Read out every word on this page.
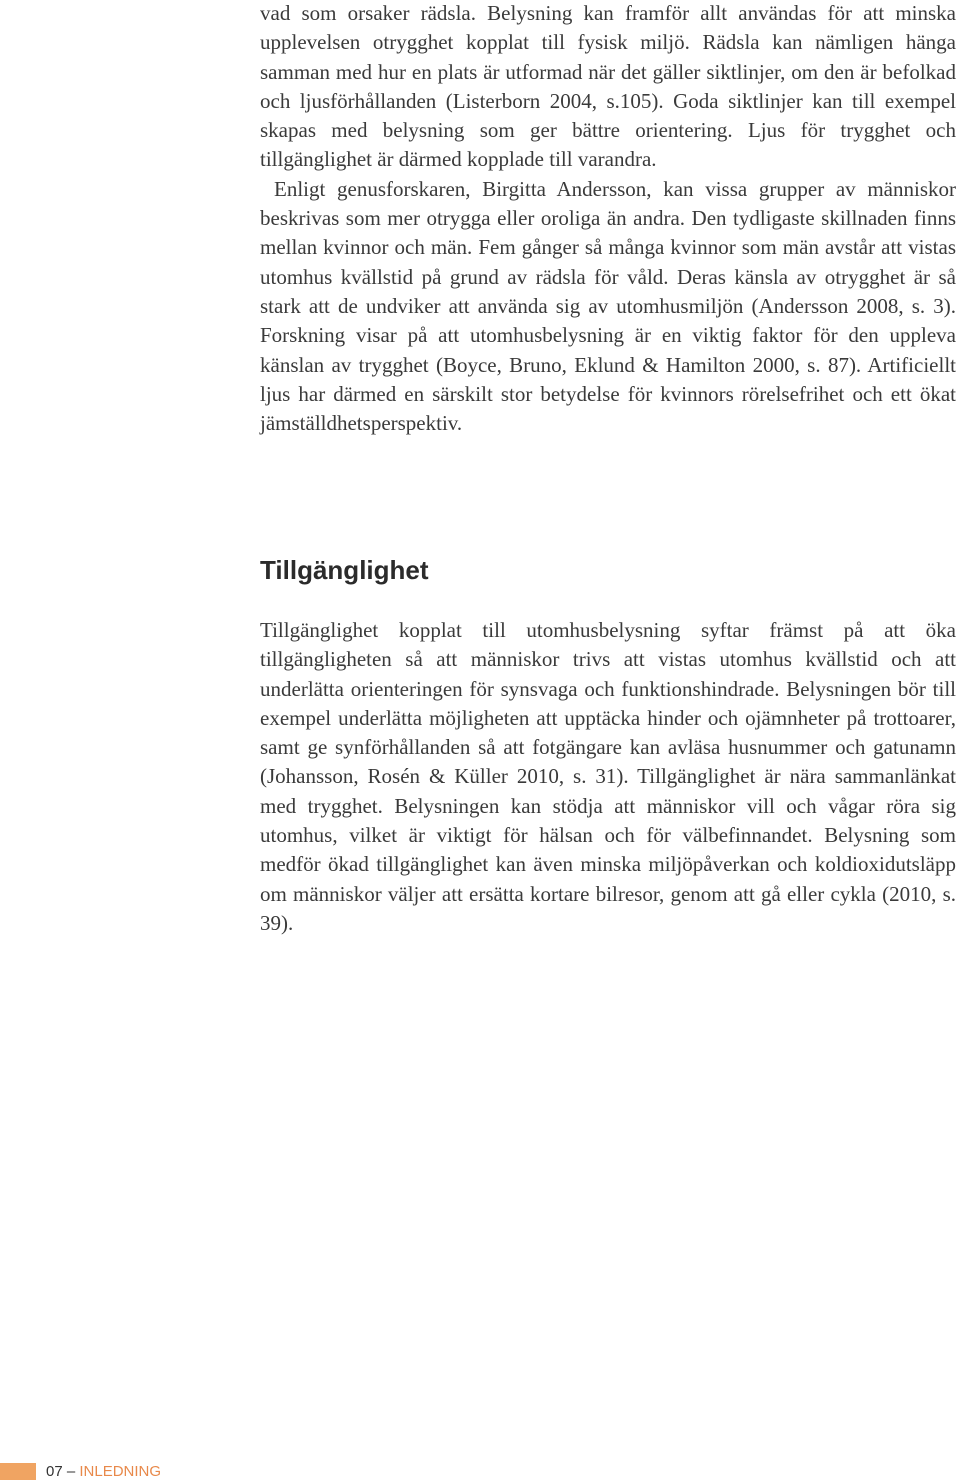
vad som orsaker rädsla. Belysning kan framför allt användas för att minska upplevelsen otrygghet kopplat till fysisk miljö. Rädsla kan nämligen hänga samman med hur en plats är utformad när det gäller siktlinjer, om den är befolkad och ljusförhållanden (Listerborn 2004, s.105). Goda siktlinjer kan till exempel skapas med belysning som ger bättre orientering. Ljus för trygghet och tillgänglighet är därmed kopplade till varandra.

Enligt genusforskaren, Birgitta Andersson, kan vissa grupper av människor beskrivas som mer otrygga eller oroliga än andra. Den tydligaste skillnaden finns mellan kvinnor och män. Fem gånger så många kvinnor som män avstår att vistas utomhus kvällstid på grund av rädsla för våld. Deras känsla av otrygghet är så stark att de undviker att använda sig av utomhusmiljön (Andersson 2008, s. 3). Forskning visar på att utomhusbelysning är en viktig faktor för den uppleva känslan av trygghet (Boyce, Bruno, Eklund & Hamilton 2000, s. 87). Artificiellt ljus har därmed en särskilt stor betydelse för kvinnors rörelsefrihet och ett ökat jämställdhetsperspektiv.

Tillgänglighet

Tillgänglighet kopplat till utomhusbelysning syftar främst på att öka tillgängligheten så att människor trivs att vistas utomhus kvällstid och att underlätta orienteringen för synsvaga och funktionshindrade. Belysningen bör till exempel underlätta möjligheten att upptäcka hinder och ojämnheter på trottoarer, samt ge synförhållanden så att fotgängare kan avläsa husnummer och gatunamn (Johansson, Rosén & Küller 2010, s. 31). Tillgänglighet är nära sammanlänkat med trygghet. Belysningen kan stödja att människor vill och vågar röra sig utomhus, vilket är viktigt för hälsan och för välbefinnandet. Belysning som medför ökad tillgänglighet kan även minska miljöpåverkan och koldioxidutsläpp om människor väljer att ersätta kortare bilresor, genom att gå eller cykla (2010, s. 39).

07 – INLEDNING
